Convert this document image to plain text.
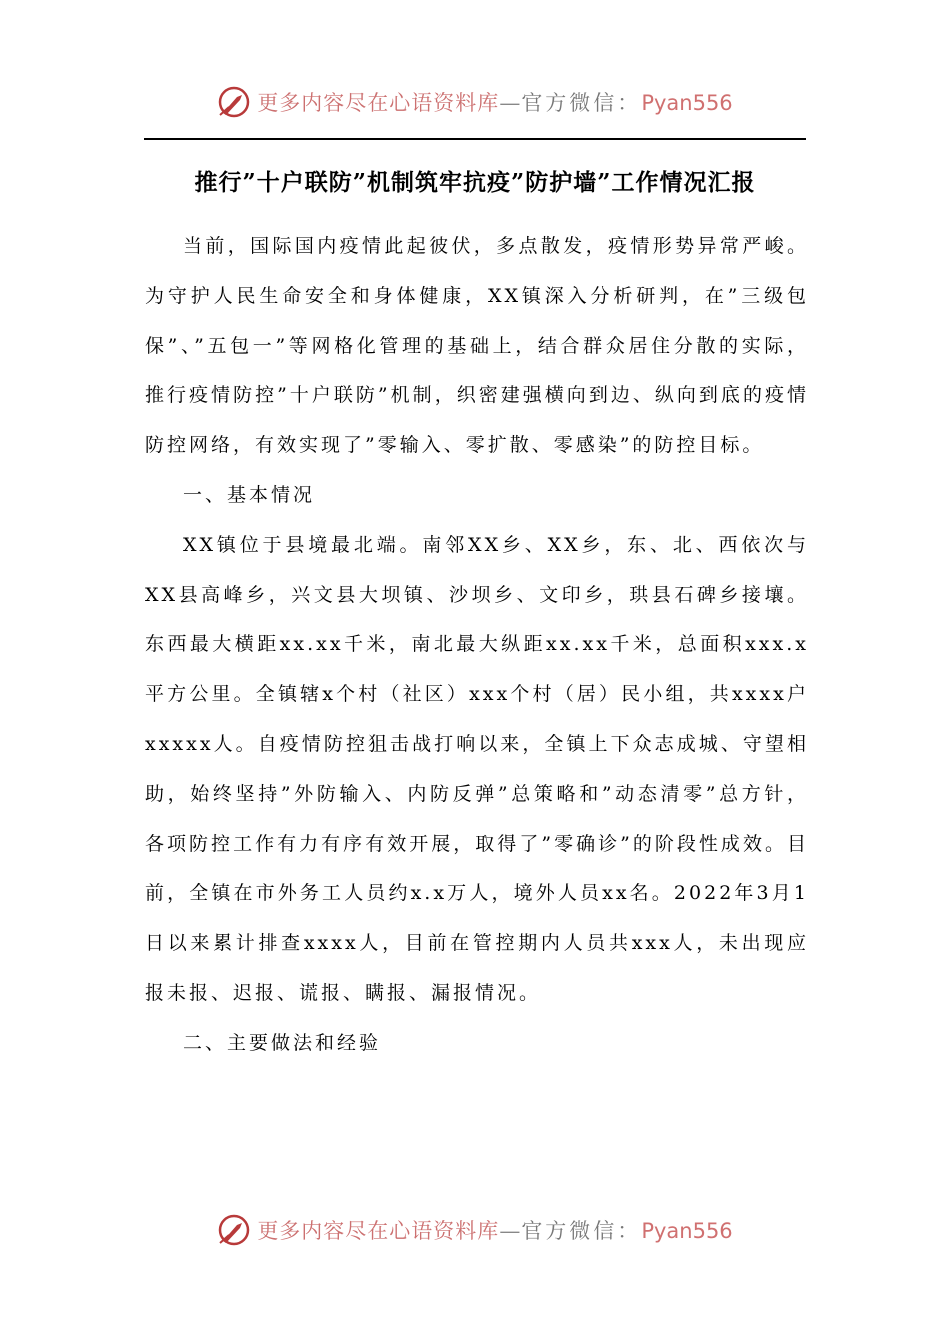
更多内容尽在心语资料库—官方微信：Pyan556
推行”十户联防”机制筑牢抗疫”防护墙”工作情况汇报

当前，国际国内疫情此起彼伏，多点散发，疫情形势异常严峻。为守护人民生命安全和身体健康，XX镇深入分析研判，在”三级包保”、”五包一”等网格化管理的基础上，结合群众居住分散的实际，推行疫情防控”十户联防”机制，织密建强横向到边、纵向到底的疫情防控网络，有效实现了”零输入、零扩散、零感染”的防控目标。

一、基本情况

XX镇位于县境最北端。南邻XX乡、XX乡，东、北、西依次与XX县高峰乡，兴文县大坝镇、沙坝乡、文印乡，珙县石碑乡接壤。东西最大横距xx.xx千米，南北最大纵距xx.xx千米，总面积xxx.x平方公里。全镇辖x个村（社区）xxx个村（居）民小组，共xxxx户xxxxx人。自疫情防控狙击战打响以来，全镇上下众志成城、守望相助，始终坚持”外防输入、内防反弹”总策略和”动态清零”总方针，各项防控工作有力有序有效开展，取得了”零确诊”的阶段性成效。目前，全镇在市外务工人员约x.x万人，境外人员xx名。2022年3月1日以来累计排查xxxx人，目前在管控期内人员共xxx人，未出现应报未报、迟报、谎报、瞒报、漏报情况。

二、主要做法和经验

更多内容尽在心语资料库—官方微信：Pyan556
